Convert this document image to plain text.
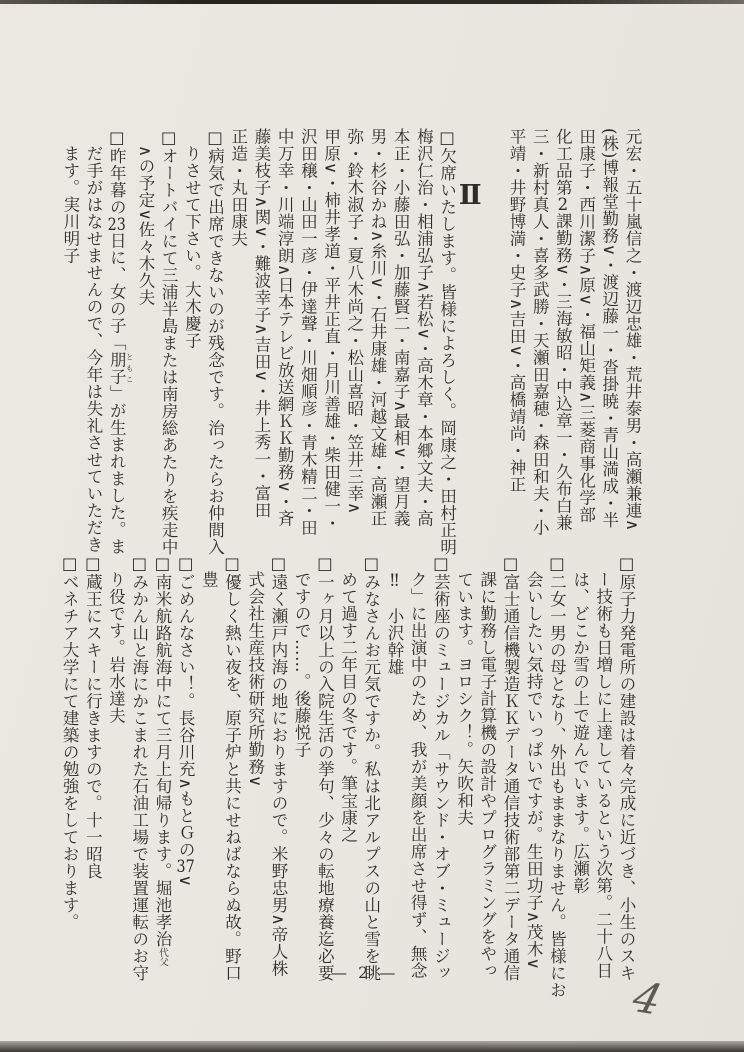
元宏・五十嵐信之・渡辺忠雄・荒井泰男・高瀬兼連∧

(株)博報堂勤務∨・渡辺藤一・沓掛暁・青山満成・半

田康子・西川潔子∧原∨・福山矩義∧三菱商事化学部

化工品第2課勤務∨・三海敏昭・中込章一・久布白兼

三・新村真人・喜多武勝・天瀬田嘉穂・森田和夫・小

平靖・井野博満・史子∧吉田∨・高橋靖尚・神正

Ⅱ

□欠席いたします。皆様によろしく。岡康之・田村正明

梅沢仁治・相浦弘子∧若松∨・高木章・本郷文夫・高

本正・小藤田弘・加藤賢二・南嘉子∧最相∨・望月義

男・杉谷かね∧糸川∨・石井康雄・河越文雄・高瀬正

弥・鈴木淑子・夏八木尚之・松山喜昭・笠井三幸∧

甲原∨・柿井孝道・平井正直・月川善雄・柴田健一・

沢田穣・山田一彦・伊達聲・川畑順彦・青木精二・田

中万幸・川端淳朗∧日本テレビ放送網ＫＫ勤務∨・斉

藤美枝子∧関∨・難波幸子∧吉田∨・井上秀一・富田

正造・丸田康夫

□病気で出席できないのが残念です。治ったらお仲間入

りさせて下さい。大木慶子

□オートバイにて三浦半島または南房総あたりを疾走中

∧の予定∨佐々木久夫

□昨年暮の23日に、女の子「朋子 ともこ」が生まれました。ま

だ手がはなせませんので、今年は失礼させていただき

ます。実川明子

□原子力発電所の建設は着々完成に近づき、小生のスキ

ー技術も日増しに上達しているという次第。二十八日

は、どこか雪の上で遊んでいます。広瀬彰

□二女一男の母となり、外出もままなりません。皆様にお

会いしたい気持でいっぱいですが。生田功子∧茂木∨

□富士通信機製造ＫＫデータ通信技術部第二データ通信

課に勤務し電子計算機の設計やプログラミングをやっ

ています。ヨロシク！。矢吹和夫

□芸術座のミュージカル「サウンド・オブ・ミュージッ

ク」に出演中のため、我が美顔を出席させ得ず、無念

‼　小沢幹雄

□みなさんお元気ですか。私は北アルプスの山と雪を眺

めて過す二年目の冬です。筆宝康之

□一ヶ月以上の入院生活の挙句、少々の転地療養迄必要

ですので……。後藤悦子

□遠く瀬戸内海の地におりますので。米野忠男∧帝人株

式会社生産技術研究所勤務∨

□優しく熱い夜を、原子炉と共にせねばならぬ故。野口

豊

□ごめんなさい！。長谷川充∧もとＧの37∨

□南米航路航海中にて三月上旬帰ります。堀池孝治代父

□みかん山と海にかこまれた石油工場で装置運転のお守

り役です。岩水達夫

□蔵王にスキーに行きますので。十一昭良

□ベネチア大学にて建築の勉強をしております。

— 2 —
4
